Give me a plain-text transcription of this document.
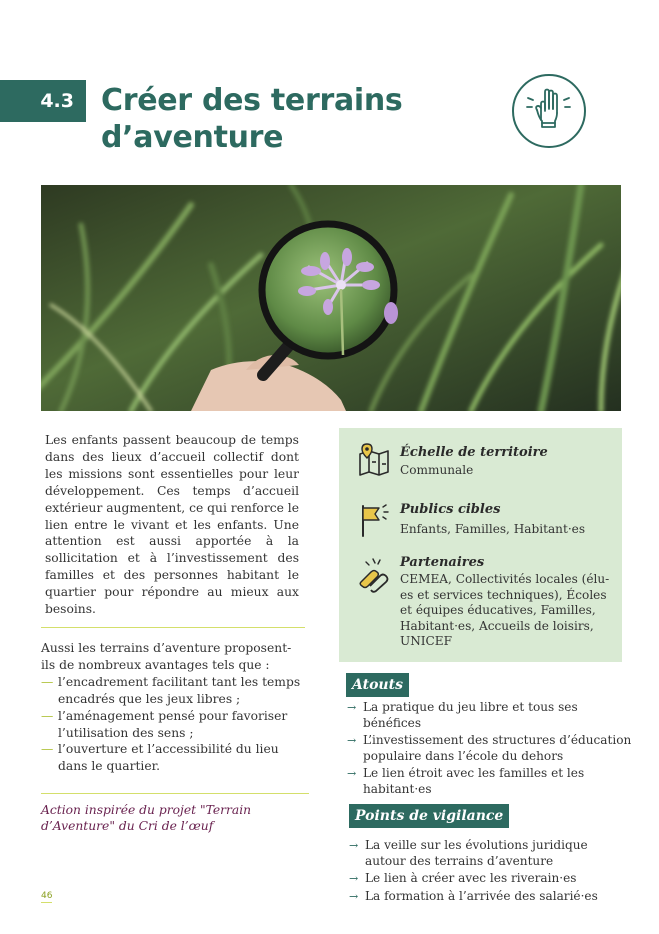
4.3 Créer des terrains
d’aventure

Les enfants passent beaucoup de temps dans des lieux d’accueil collectif dont les missions sont essentielles pour leur développement. Ces temps d’accueil extérieur augmentent, ce qui renforce le lien entre le vivant et les enfants. Une attention est aussi apportée à la sollicitation et à l’investissement des familles et des personnes habitant le quartier pour répondre au mieux aux besoins.

Aussi les terrains d’aventure proposent-ils de nombreux avantages tels que :

— l’encadrement facilitant tant les temps encadrés que les jeux libres ;
— l’aménagement pensé pour favoriser l’utilisation des sens ;
— l’ouverture et l’accessibilité du lieu dans le quartier.

Action inspirée du projet "Terrain d’Aventure" du Cri de l’œuf

46

Échelle de territoire

Communale

Publics cibles

Enfants, Familles, Habitant·es

Partenaires

CEMEA, Collectivités locales (élu-es et services techniques), Écoles et équipes éducatives, Familles, Habitant·es, Accueils de loisirs, UNICEF

Atouts
→ La pratique du jeu libre et tous ses bénéfices
→ L’investissement des structures d’éducation populaire dans l’école du dehors
→ Le lien étroit avec les familles et les habitant·es
Points de vigilance
→ La veille sur les évolutions juridique autour des terrains d’aventure
→ Le lien à créer avec les riverain·es
→ La formation à l’arrivée des salarié·es
